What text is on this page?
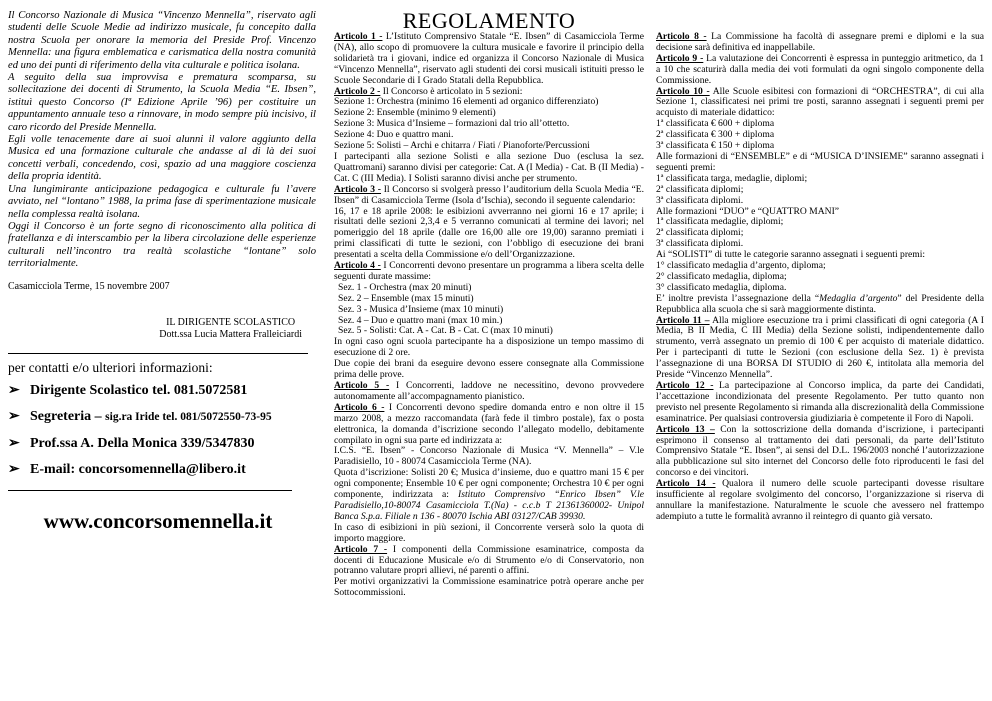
Il Concorso Nazionale di Musica “Vincenzo Mennella”, riservato agli studenti delle Scuole Medie ad indirizzo musicale, fu concepito dalla nostra Scuola per onorare la memoria del Preside Prof. Vincenzo Mennella: una figura emblematica e carismatica della nostra comunità ed uno dei punti di riferimento della vita culturale e politica isolana.

A seguito della sua improvvisa e prematura scomparsa, su sollecitazione dei docenti di Strumento, la Scuola Media “E. Ibsen”, istituì questo Concorso (Iª Edizione Aprile ’96) per costituire un appuntamento annuale teso a rinnovare, in modo sempre più incisivo, il caro ricordo del Preside Mennella.

Egli volle tenacemente dare ai suoi alunni il valore aggiunto della Musica ed una formazione culturale che andasse al di là dei suoi concetti verbali, concedendo, così, spazio ad una maggiore coscienza della propria identità.

Una lungimirante anticipazione pedagogica e culturale fu l’avere avviato, nel “lontano” 1988, la prima fase di sperimentazione musicale nella complessa realtà isolana.

Oggi il Concorso è un forte segno di riconoscimento alla politica di fratellanza e di interscambio per la libera circolazione delle esperienze culturali nell’incontro tra realtà scolastiche “lontane” solo territorialmente.

Casamicciola Terme, 15 novembre 2007
IL DIRIGENTE SCOLASTICO
Dott.ssa Lucia Mattera Fralleiciardi
per contatti e/o ulteriori informazioni:
➢ Dirigente Scolastico tel. 081.5072581
➢ Segreteria – sig.ra Iride tel. 081/5072550-73-95
➢ Prof.ssa A. Della Monica 339/5347830
➢ E-mail: concorsomennella@libero.it
www.concorsomennella.it
REGOLAMENTO

Articolo 1 - L’Istituto Comprensivo Statale “E. Ibsen” di Casamicciola Terme (NA), allo scopo di promuovere la cultura musicale e favorire il principio della solidarietà tra i giovani, indice ed organizza il Concorso Nazionale di Musica “Vincenzo Mennella”, riservato agli studenti dei corsi musicali istituiti presso le Scuole Secondarie di I Grado Statali della Repubblica.

Articolo 2 - Il Concorso è articolato in 5 sezioni:

Sezione 1: Orchestra (minimo 16 elementi ad organico differenziato)

Sezione 2: Ensemble (minimo 9 elementi)

Sezione 3: Musica d’Insieme – formazioni dal trio all’ottetto.

Sezione 4: Duo e quattro mani.

Sezione 5: Solisti – Archi e chitarra / Fiati / Pianoforte/Percussioni

I partecipanti alla sezione Solisti e alla sezione Duo (esclusa la sez. Quattromani) saranno divisi per categorie: Cat. A (I Media) - Cat. B (II Media) - Cat. C (III Media). I Solisti saranno divisi anche per strumento.

Articolo 3 - Il Concorso si svolgerà presso l’auditorium della Scuola Media “E. Ibsen” di Casamicciola Terme (Isola d’Ischia), secondo il seguente calendario:

16, 17 e 18 aprile 2008: le esibizioni avverranno nei giorni 16 e 17 aprile; i risultati delle sezioni 2,3,4 e 5 verranno comunicati al termine dei lavori; nel pomeriggio del 18 aprile (dalle ore 16,00 alle ore 19,00) saranno premiati i primi classificati di tutte le sezioni, con l’obbligo di esecuzione dei brani presentati a scelta della Commissione e/o dell’Organizzazione.

Articolo 4 - I Concorrenti devono presentare un programma a libera scelta delle seguenti durate massime:

Sez. 1 - Orchestra (max 20 minuti)

Sez. 2 – Ensemble (max 15 minuti)

Sez. 3 - Musica d’Insieme (max 10 minuti)

Sez. 4 – Duo e quattro mani (max 10 min.)

Sez. 5 - Solisti: Cat. A - Cat. B - Cat. C (max 10 minuti)

In ogni caso ogni scuola partecipante ha a disposizione un tempo massimo di esecuzione di 2 ore.

Due copie dei brani da eseguire devono essere consegnate alla Commissione prima delle prove.

Articolo 5 - I Concorrenti, laddove ne necessitino, devono provvedere autonomamente all’accompagnamento pianistico.

Articolo 6 - I Concorrenti devono spedire domanda entro e non oltre il 15 marzo 2008, a mezzo raccomandata (farà fede il timbro postale), fax o posta elettronica, la domanda d’iscrizione secondo l’allegato modello, debitamente compilato in ogni sua parte ed indirizzata a:

I.C.S. “E. Ibsen” - Concorso Nazionale di Musica “V. Mennella” – V.le Paradisiello, 10 - 80074 Casamicciola Terme (NA).

Quota d’iscrizione: Solisti 20 €; Musica d’insieme, duo e quattro mani 15 € per ogni componente; Ensemble 10 € per ogni componente; Orchestra 10 € per ogni componente, indirizzata a: Istituto Comprensivo “Enrico Ibsen” V.le Paradisiello,10-80074 Casamicciola T.(Na) - c.c.b T 21361360002- Unipol Banca S.p.a. Filiale n 136 - 80070 Ischia ABI 03127/CAB 39930.

In caso di esibizioni in più sezioni, il Concorrente verserà solo la quota di importo maggiore.

Articolo 7 - I componenti della Commissione esaminatrice, composta da docenti di Educazione Musicale e/o di Strumento e/o di Conservatorio, non potranno valutare propri allievi, né parenti o affini.

Per motivi organizzativi la Commissione esaminatrice potrà operare anche per Sottocommissioni.

Articolo 8 - La Commissione ha facoltà di assegnare premi e diplomi e la sua decisione sarà definitiva ed inappellabile.

Articolo 9 - La valutazione dei Concorrenti è espressa in punteggio aritmetico, da 1 a 10 che scaturirà dalla media dei voti formulati da ogni singolo componente della Commissione.

Articolo 10 - Alle Scuole esibitesi con formazioni di “ORCHESTRA”, di cui alla Sezione 1, classificatesi nei primi tre posti, saranno assegnati i seguenti premi per acquisto di materiale didattico:

1ª classificata € 600 + diploma

2ª classificata € 300 + diploma

3ª classificata € 150 + diploma

Alle formazioni di “ENSEMBLE” e di “MUSICA D’INSIEME” saranno assegnati i seguenti premi:

1ª classificata targa, medaglie, diplomi;

2ª classificata diplomi;

3ª classificata diplomi.

Alle formazioni “DUO” e “QUATTRO MANI”

1ª classificata medaglie, diplomi;

2ª classificata diplomi;

3ª classificata diplomi.

Ai “SOLISTI” di tutte le categorie saranno assegnati i seguenti premi:

1° classificato medaglia d’argento, diploma;

2° classificato medaglia, diploma;

3° classificato medaglia, diploma.

E’ inoltre prevista l’assegnazione della “Medaglia d’argento” del Presidente della Repubblica alla scuola che si sarà maggiormente distinta.

Articolo 11 – Alla migliore esecuzione tra i primi classificati di ogni categoria (A I Media, B II Media, C III Media) della Sezione solisti, indipendentemente dallo strumento, verrà assegnato un premio di 100 € per acquisto di materiale didattico. Per i partecipanti di tutte le Sezioni (con esclusione della Sez. 1) è prevista l’assegnazione di una BORSA DI STUDIO di 260 €, intitolata alla memoria del Preside “Vincenzo Mennella”.

Articolo 12 - La partecipazione al Concorso implica, da parte dei Candidati, l’accettazione incondizionata del presente Regolamento. Per tutto quanto non previsto nel presente Regolamento si rimanda alla discrezionalità della Commissione esaminatrice. Per qualsiasi controversia giudiziaria è competente il Foro di Napoli.

Articolo 13 – Con la sottoscrizione della domanda d’iscrizione, i partecipanti esprimono il consenso al trattamento dei dati personali, da parte dell’Istituto Comprensivo Statale “E. Ibsen”, ai sensi del D.L. 196/2003 nonché l’autorizzazione alla pubblicazione sul sito internet del Concorso delle foto riproducenti le fasi del concorso e dei vincitori.

Articolo 14 - Qualora il numero delle scuole partecipanti dovesse risultare insufficiente al regolare svolgimento del concorso, l’organizzazione si riserva di annullare la manifestazione. Naturalmente le scuole che avessero nel frattempo adempiuto a tutte le formalità avranno il reintegro di quanto già versato.
